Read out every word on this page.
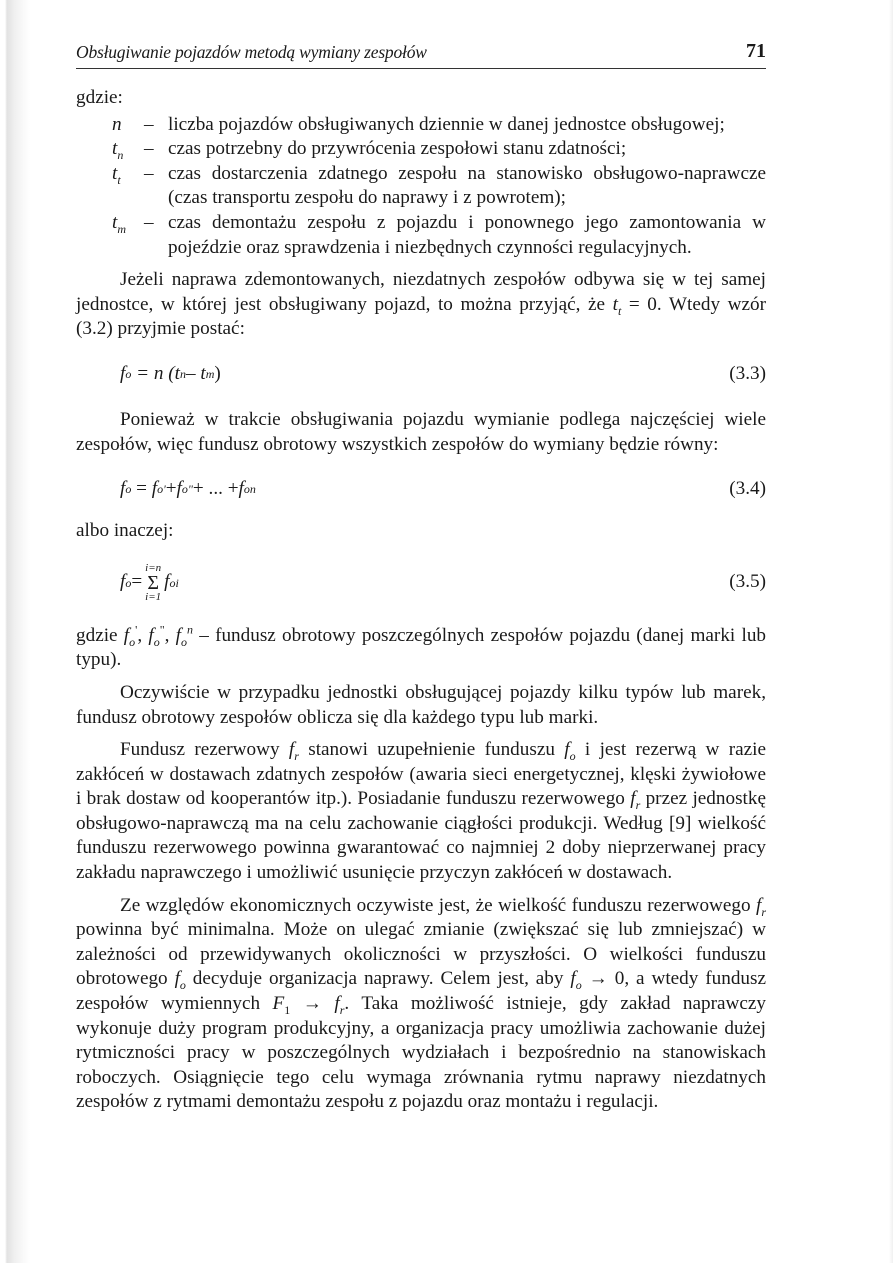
Obsługiwanie pojazdów metodą wymiany zespołów	71

gdzie:

n	– liczba pojazdów obsługiwanych dziennie w danej jednostce obsługowej;
$t_n$	– czas potrzebny do przywrócenia zespołowi stanu zdatności;
$t_t$	– czas dostarczenia zdatnego zespołu na stanowisko obsługowo-naprawcze (czas transportu zespołu do naprawy i z powrotem);
$t_m$ – czas demontażu zespołu z pojazdu i ponownego jego zamontowania w pojeździe oraz sprawdzenia i niezbędnych czynności regulacyjnych.

Jeżeli naprawa zdemontowanych, niezdatnych zespołów odbywa się w tej samej jednostce, w której jest obsługiwany pojazd, to można przyjąć, że $t_t = 0$. Wtedy wzór (3.2) przyjmie postać:

f o
= n (t n – t m )	(3.3)

Ponieważ w trakcie obsługiwania pojazdu wymianie podlega najczęściej wiele zespołów, więc fundusz obrotowy wszystkich zespołów do wymiany będzie równy:

f o
=
f o ' + f o " + ... + f o n	(3.4)

albo inaczej:

f o =
i=n
Σ
i=1
f o i	(3.5)

gdzie $f_o'$, $f_o^"$, $f_o^n$ – fundusz obrotowy poszczególnych zespołów pojazdu (danej marki lub typu).

Oczywiście w przypadku jednostki obsługującej pojazdy kilku typów lub marek, fundusz obrotowy zespołów oblicza się dla każdego typu lub marki.

Fundusz rezerwowy $f_r$ stanowi uzupełnienie funduszu $f_o$ i jest rezerwą w razie zakłóceń w dostawach zdatnych zespołów (awaria sieci energetycznej, klęski żywiołowe i brak dostaw od kooperantów itp.). Posiadanie funduszu rezerwowego $f_r$ przez jednostkę obsługowo-naprawczą ma na celu zachowanie ciągłości produkcji. Według [9] wielkość funduszu rezerwowego powinna gwarantować co najmniej 2 doby nieprzerwanej pracy zakładu naprawczego i umożliwić usunięcie przyczyn zakłóceń w dostawach.

Ze względów ekonomicznych oczywiste jest, że wielkość funduszu rezerwowego $f_r$ powinna być minimalna. Może on ulegać zmianie (zwiększać się lub zmniejszać) w zależności od przewidywanych okoliczności w przyszłości. O wielkości funduszu obrotowego $f_o$ decyduje organizacja naprawy. Celem jest, aby $f_o \to 0$, a wtedy fundusz zespołów wymiennych $F_1 \to f_r$. Taka możliwość istnieje, gdy zakład naprawczy wykonuje duży program produkcyjny, a organizacja pracy umożliwia zachowanie dużej rytmiczności pracy w poszczególnych wydziałach i bezpośrednio na stanowiskach roboczych. Osiągnięcie tego celu wymaga zrównania rytmu naprawy niezdatnych zespołów z rytmami demontażu zespołu z pojazdu oraz montażu i regulacji.
